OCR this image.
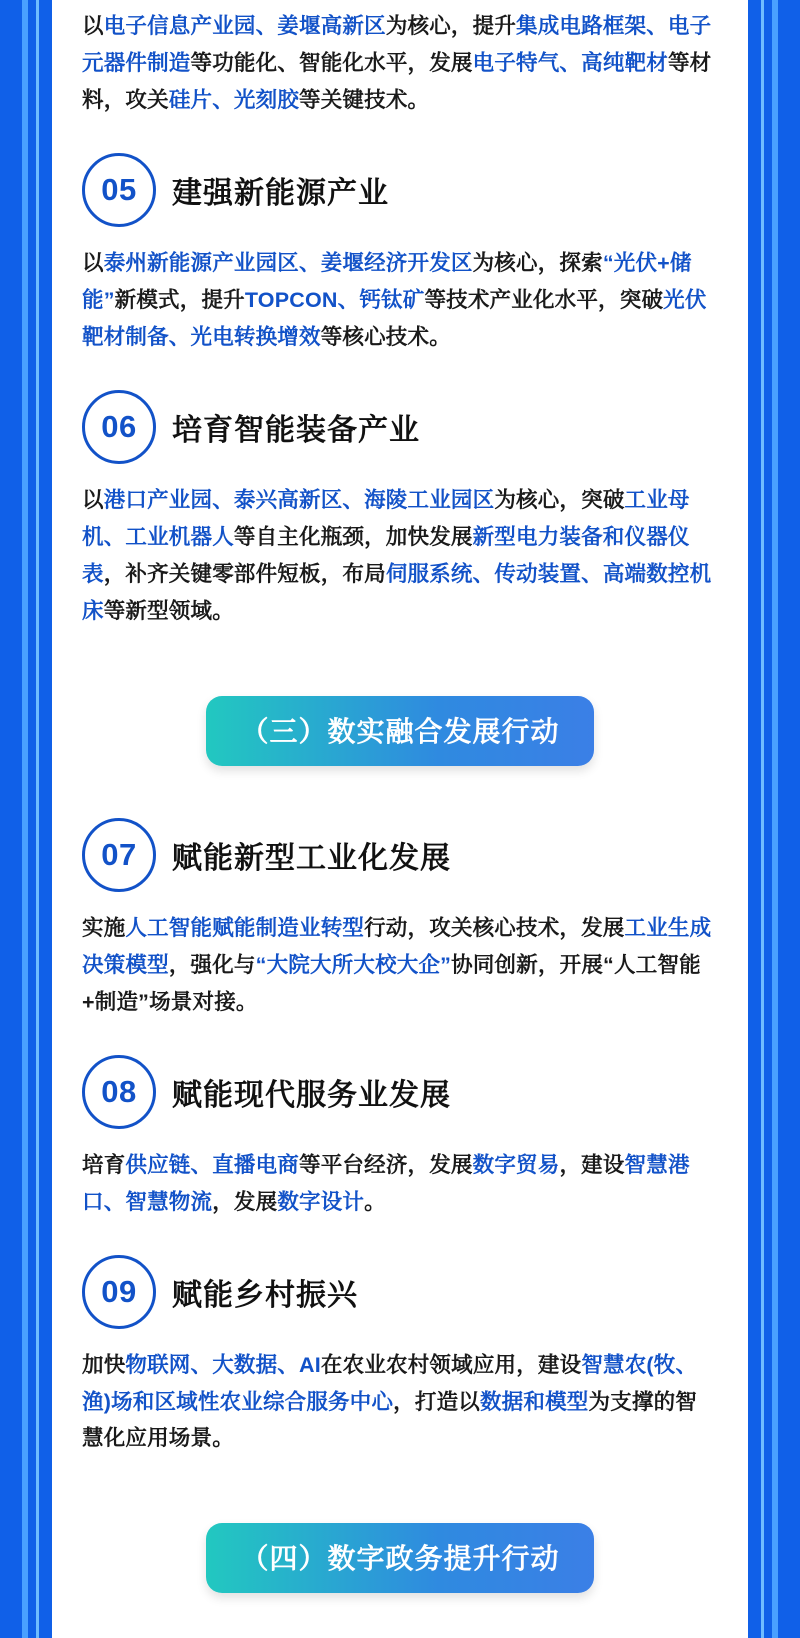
以电子信息产业园、姜堰高新区为核心，提升集成电路框架、电子元器件制造等功能化、智能化水平，发展电子特气、高纯靶材等材料，攻关硅片、光刻胶等关键技术。

05	建强新能源产业

以泰州新能源产业园区、姜堰经济开发区为核心，探索“光伏+储能”新模式，提升TOPCON、钙钛矿等技术产业化水平，突破光伏靶材制备、光电转换增效等核心技术。

06	培育智能装备产业

以港口产业园、泰兴高新区、海陵工业园区为核心，突破工业母机、工业机器人等自主化瓶颈，加快发展新型电力装备和仪器仪表，补齐关键零部件短板，布局伺服系统、传动装置、高端数控机床等新型领域。

（三）数实融合发展行动
07	赋能新型工业化发展

实施人工智能赋能制造业转型行动，攻关核心技术，发展工业生成决策模型，强化与“大院大所大校大企”协同创新，开展“人工智能+制造”场景对接。

08	赋能现代服务业发展

培育供应链、直播电商等平台经济，发展数字贸易，建设智慧港口、智慧物流，发展数字设计。

09	赋能乡村振兴

加快物联网、大数据、AI在农业农村领域应用，建设智慧农(牧、渔)场和区域性农业综合服务中心，打造以数据和模型为支撑的智慧化应用场景。

（四）数字政务提升行动
